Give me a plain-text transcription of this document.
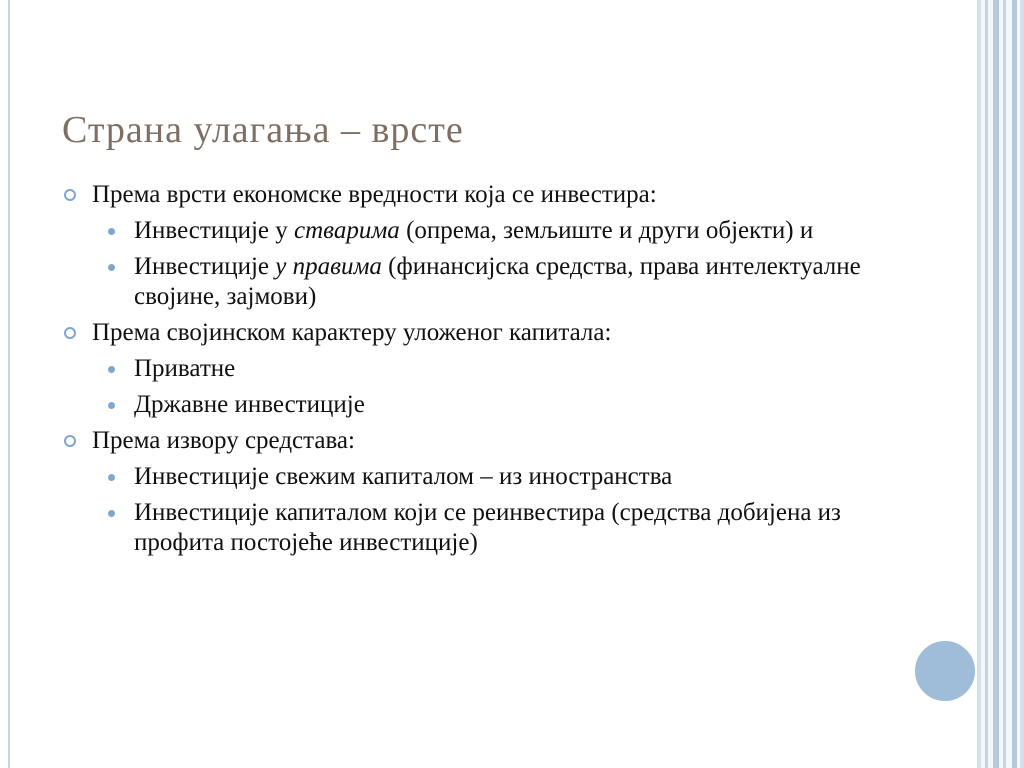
Страна улагања – врсте
Према врсти економске вредности која се инвестира:
Инвестиције у стварима (опрема, земљиште и други објекти) и
Инвестиције у правима (финансијска средства, права интелектуалне својине, зајмови)
Према својинском карактеру уложеног капитала:
Приватне
Државне инвестиције
Према извору средстава:
Инвестиције свежим капиталом – из иностранства
Инвестиције капиталом који се реинвестира (средства добијена из профита постојеће инвестиције)
